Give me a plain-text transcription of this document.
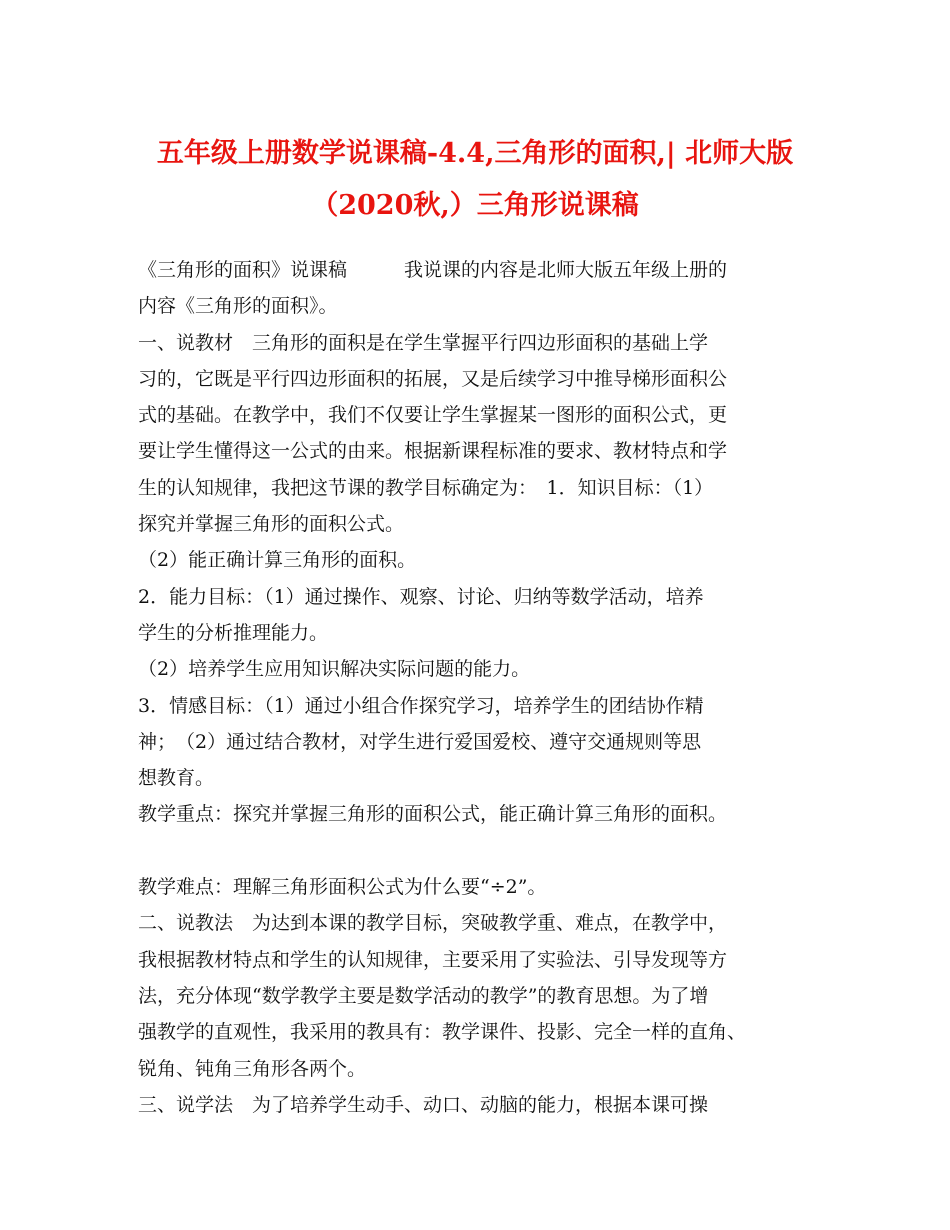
五年级上册数学说课稿-4.4,三角形的面积,| 北师大版
（2020秋,）三角形说课稿
《三角形的面积》说课稿　　　我说课的内容是北师大版五年级上册的
内容《三角形的面积》。
一、说教材　三角形的面积是在学生掌握平行四边形面积的基础上学
习的，它既是平行四边形面积的拓展，又是后续学习中推导梯形面积公
式的基础。在教学中，我们不仅要让学生掌握某一图形的面积公式，更
要让学生懂得这一公式的由来。根据新课程标准的要求、教材特点和学
生的认知规律，我把这节课的教学目标确定为：　1．知识目标：（1）
探究并掌握三角形的面积公式。
（2）能正确计算三角形的面积。
2．能力目标：（1）通过操作、观察、讨论、归纳等数学活动，培养
学生的分析推理能力。
（2）培养学生应用知识解决实际问题的能力。
3．情感目标：（1）通过小组合作探究学习，培养学生的团结协作精
神；　（2）通过结合教材，对学生进行爱国爱校、遵守交通规则等思
想教育。
教学重点：探究并掌握三角形的面积公式，能正确计算三角形的面积。
教学难点：理解三角形面积公式为什么要“÷2”。
二、说教法　为达到本课的教学目标，突破教学重、难点，在教学中，
我根据教材特点和学生的认知规律，主要采用了实验法、引导发现等方
法，充分体现“数学教学主要是数学活动的教学”的教育思想。为了增
强教学的直观性，我采用的教具有：教学课件、投影、完全一样的直角、
锐角、钝角三角形各两个。
三、说学法　为了培养学生动手、动口、动脑的能力，根据本课可操
